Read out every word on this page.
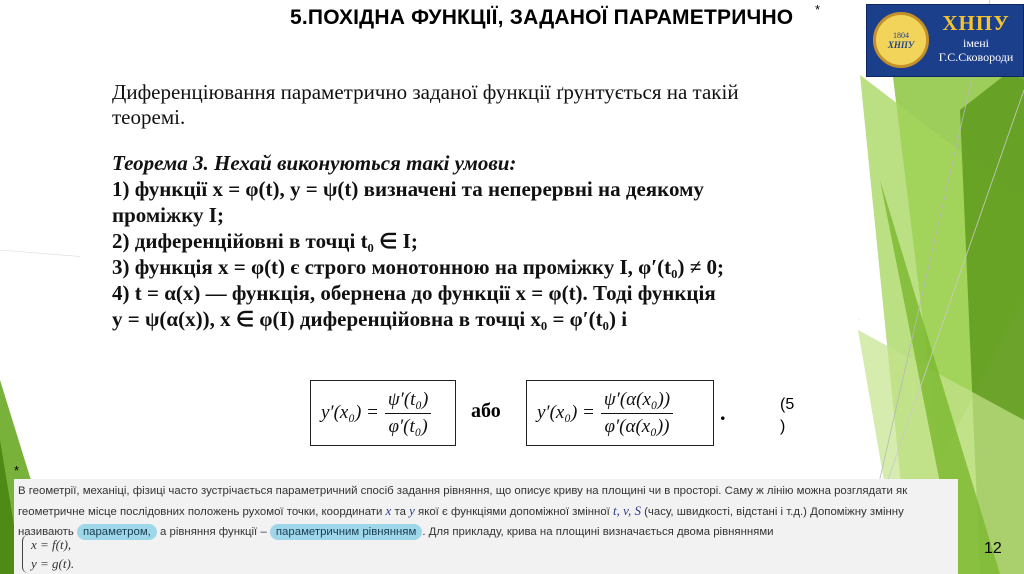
5.ПОХІДНА ФУНКЦІЇ, ЗАДАНОЇ ПАРАМЕТРИЧНО *
1804
ХНПУ
ХНПУ
імені
Г.С.Сковороди
Диференціювання параметрично заданої функції ґрунтується на такій
теоремі.
Теорема 3. Нехай виконуються такі умови:
1) функції x = φ(t), y = ψ(t) визначені та неперервні на деякому
проміжку I;
2) диференційовні в точці t₀ ∈ I;
3) функція x = φ(t) є строго монотонною на проміжку I, φ′(t₀) ≠ 0;
4) t = α(x) — функція, обернена до функції x = φ(t). Тоді функція
y = ψ(α(x)), x ∈ φ(I) диференційовна в точці x₀ = φ′(t₀) і
$y'(x_0) = \frac{\text{ψ′(t₀)}}{\text{φ′(t₀)}}$ або $y'(x_0) = \frac{\text{ψ′(α(x₀))}}{\text{φ′(α(x₀))}}$ .	(5
)
*
В геометрії, механіці, фізиці часто зустрічається параметричний спосіб задання рівняння, що описує криву на площині чи в просторі. Саму ж лінію можна розглядати як
геометричне місце послідовних положень рухомої точки, координати x та y якої є функціями допоміжної змінної t, v, S (часу, швидкості, відстані і т.д.) Допоміжну змінну
називають параметром, а рівняння функції – параметричним рівнянням . Для прикладу, крива на площині визначається двома рівняннями
x = f(t),
y = g(t).
12
